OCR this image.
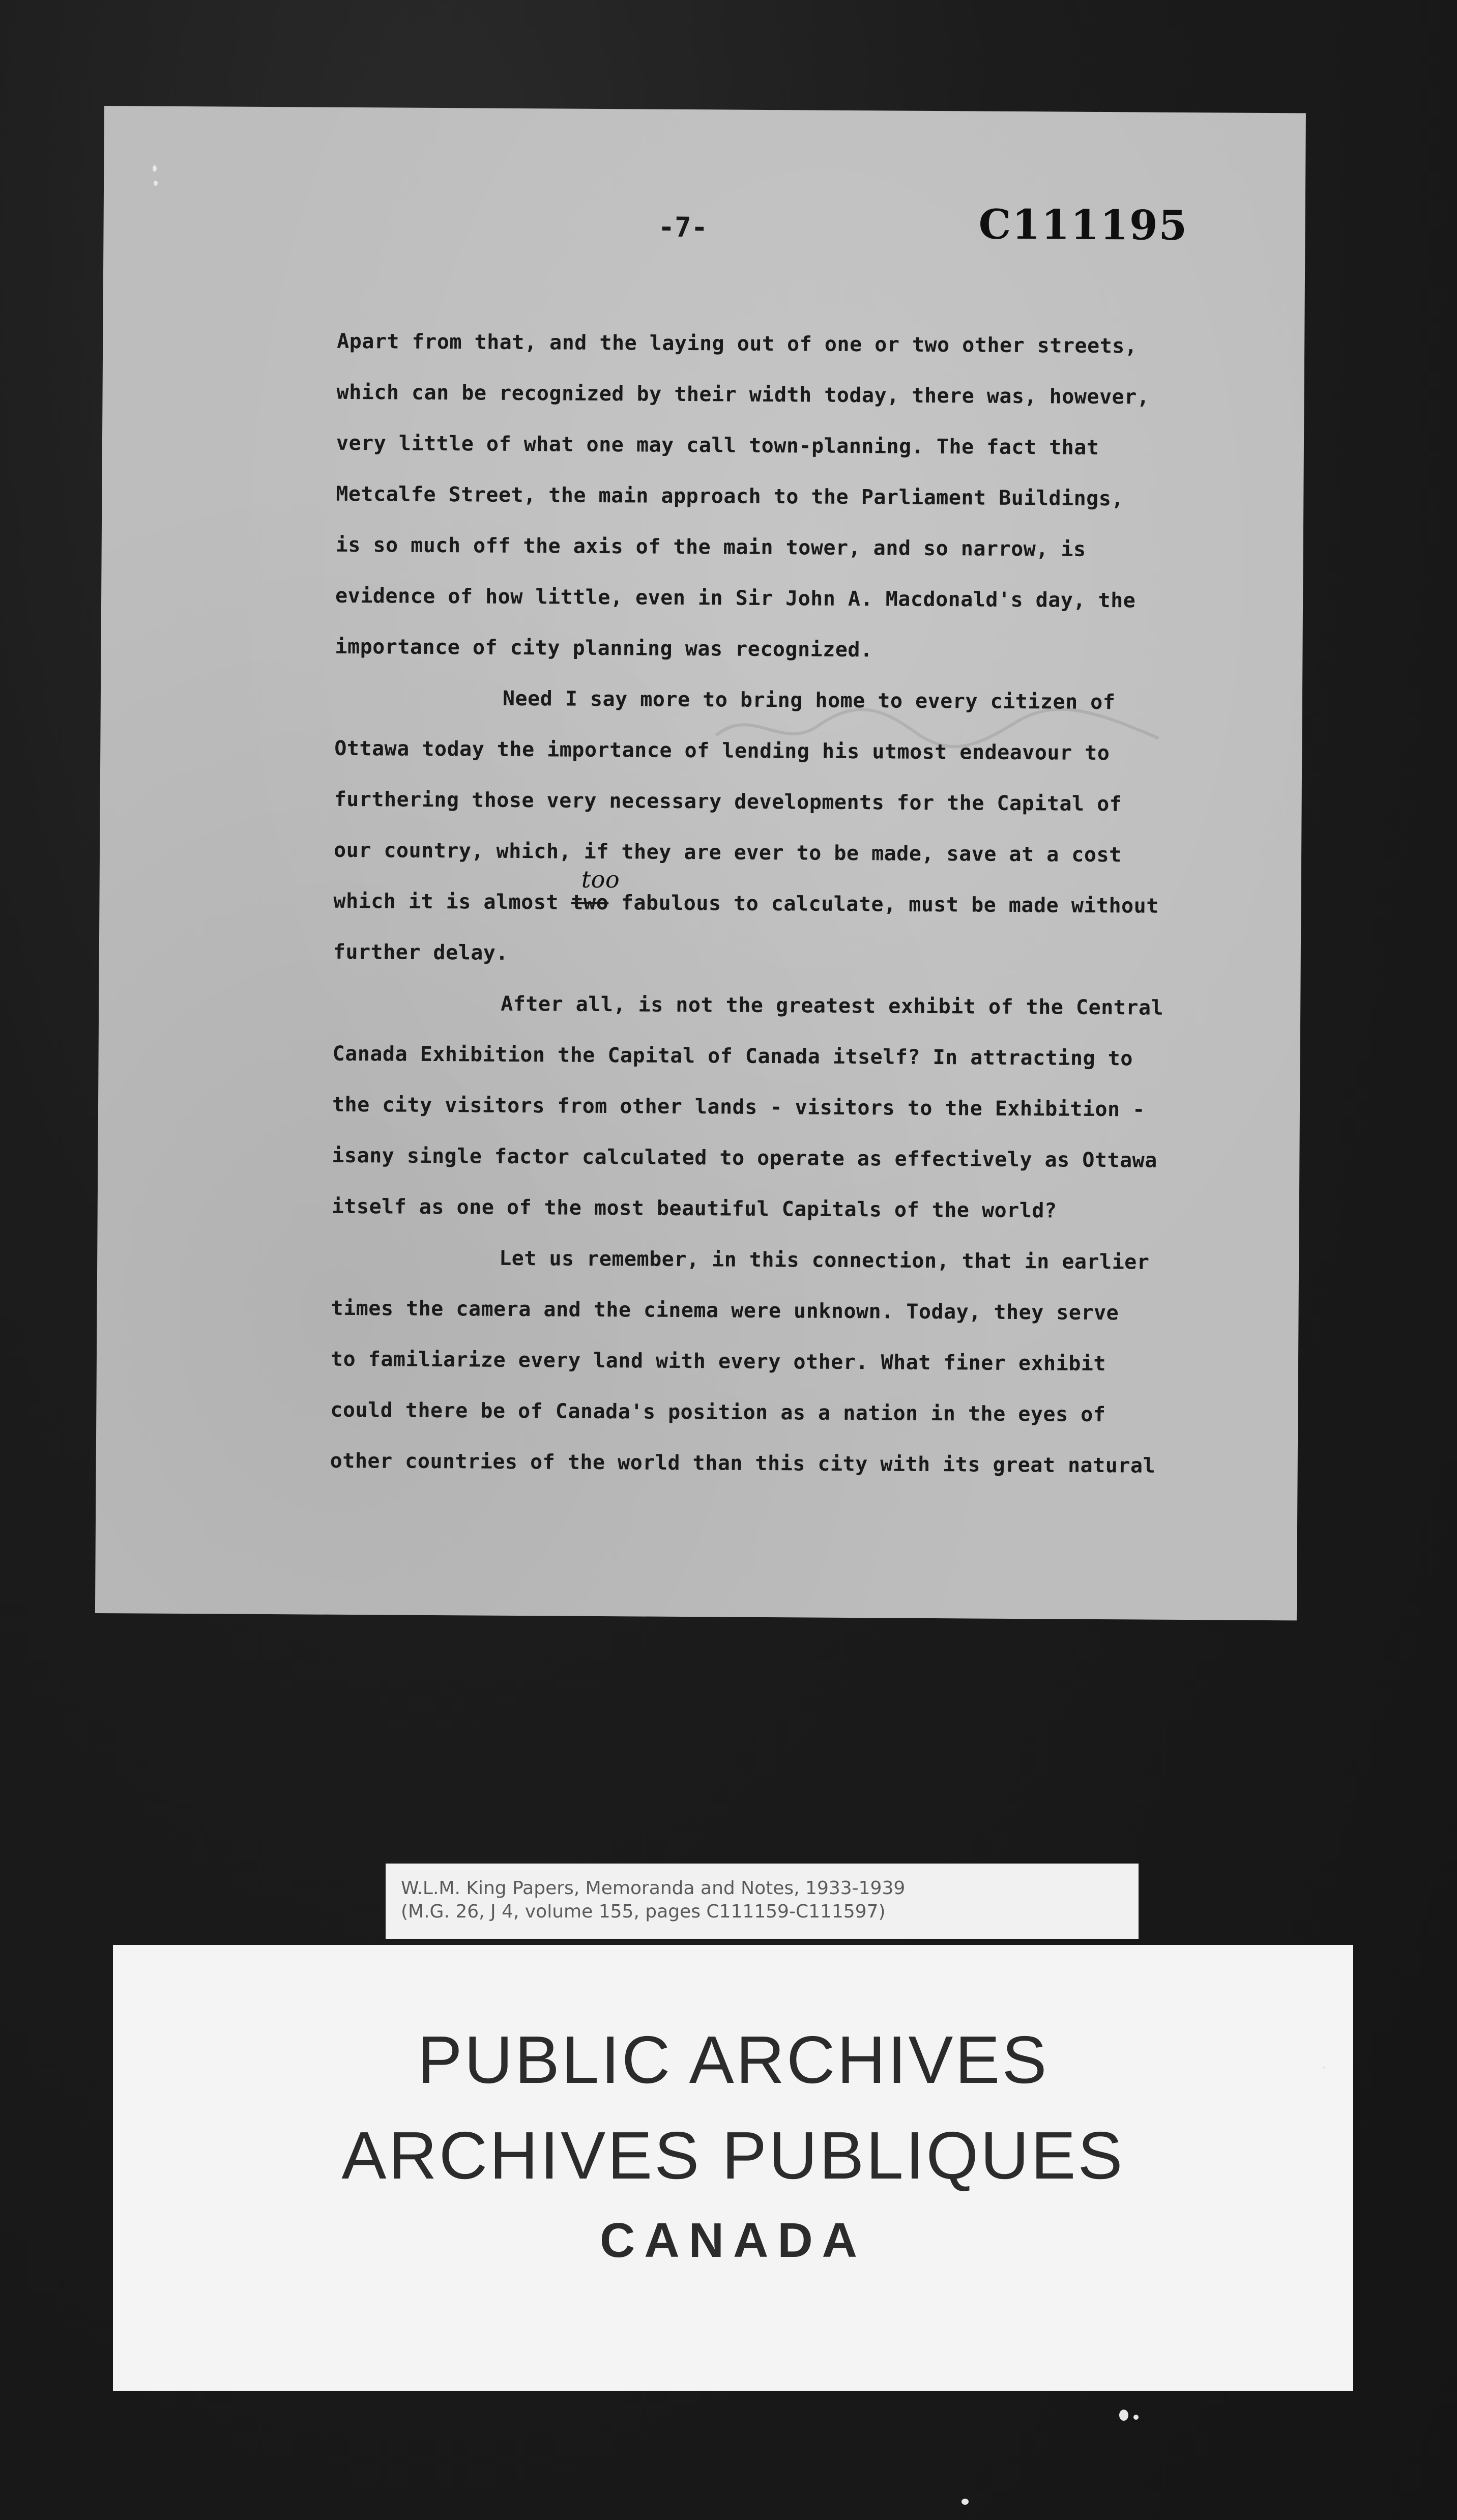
-7-	C111195
Apart from that, and the laying out of one or two other streets,
which can be recognized by their width today, there was, however,
very little of what one may call town-planning. The fact that
Metcalfe Street, the main approach to the Parliament Buildings,
is so much off the axis of the main tower, and so narrow, is
evidence of how little, even in Sir John A. Macdonald's day, the
importance of city planning was recognized.
Need I say more to bring home to every citizen of
Ottawa today the importance of lending his utmost endeavour to
furthering those very necessary developments for the Capital of
our country, which, if they are ever to be made, save at a cost
which it is almost two
too
fabulous to calculate, must be made without
further delay.
After all, is not the greatest exhibit of the Central
Canada Exhibition the Capital of Canada itself? In attracting to
the city visitors from other lands - visitors to the Exhibition -
isany single factor calculated to operate as effectively as Ottawa
itself as one of the most beautiful Capitals of the world?
Let us remember, in this connection, that in earlier
times the camera and the cinema were unknown. Today, they serve
to familiarize every land with every other. What finer exhibit
could there be of Canada's position as a nation in the eyes of
other countries of the world than this city with its great natural
W.L.M. King Papers, Memoranda and Notes, 1933-1939
(M.G. 26, J 4, volume 155, pages C111159-C111597)
PUBLIC ARCHIVES
ARCHIVES PUBLIQUES
CANADA
